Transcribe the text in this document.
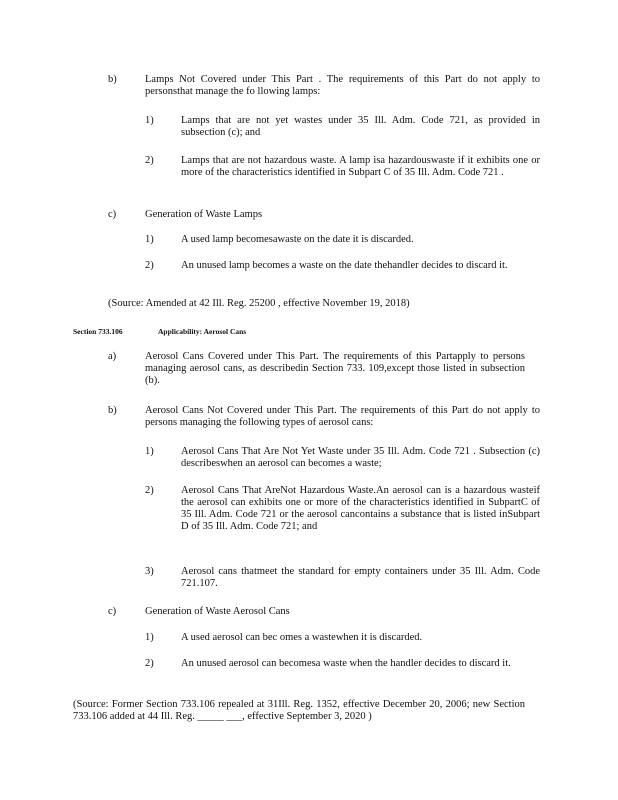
b)	Lamps Not Covered under This Part . The requirements of this Part do not apply to personsthat manage the fo llowing lamps:
1)	Lamps that are not yet wastes under 35 Ill. Adm. Code 721, as provided in subsection (c); and
2)	Lamps that are not hazardous waste. A lamp isa hazardouswaste if it exhibits one or more of the characteristics identified in Subpart C of 35 Ill. Adm. Code 721 .
c)	Generation of Waste Lamps
1)	A used lamp becomesawaste on the date it is discarded.
2)	An unused lamp becomes a waste on the date thehandler decides to discard it.
(Source: Amended at 42 Ill. Reg. 25200 , effective November 19, 2018)
Section 733.106	Applicability: Aerosol Cans
a)	Aerosol Cans Covered under This Part. The requirements of this Partapply to persons managing aerosol cans, as describedin Section 733. 109,except those listed in subsection (b).
b)	Aerosol Cans Not Covered under This Part. The requirements of this Part do not apply to persons managing the following types of aerosol cans:
1)	Aerosol Cans That Are Not Yet Waste under 35 Ill. Adm. Code 721 . Subsection (c) describeswhen an aerosol can becomes a waste;
2)	Aerosol Cans That AreNot Hazardous Waste.An aerosol can is a hazardous wasteif the aerosol can exhibits one or more of the characteristics identified in SubpartC of 35 Ill. Adm. Code 721 or the aerosol cancontains a substance that is listed inSubpart D of 35 Ill. Adm. Code 721; and
3)	Aerosol cans thatmeet the standard for empty containers under 35 Ill. Adm. Code 721.107.
c)	Generation of Waste Aerosol Cans
1)	A used aerosol can bec omes a wastewhen it is discarded.
2)	An unused aerosol can becomesa waste when the handler decides to discard it.
(Source: Former Section 733.106 repealed at 31Ill. Reg. 1352, effective December 20, 2006; new Section 733.106 added at 44 Ill. Reg. _____ ___, effective September 3, 2020 )
